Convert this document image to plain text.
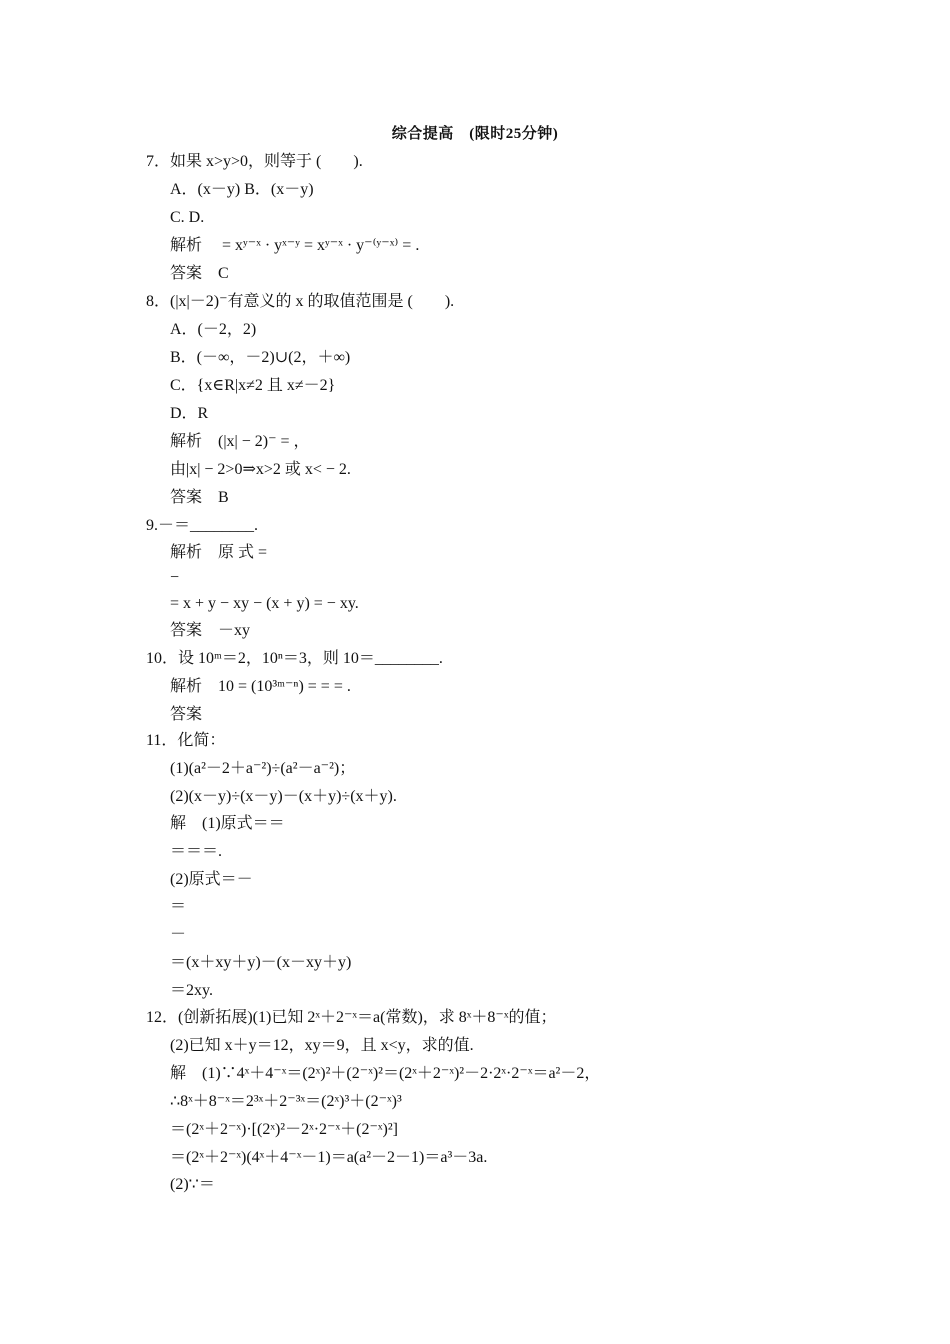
综合提高　(限时25分钟)
7．如果 x>y>0，则等于 (　　).
A．(x－y) B．(x－y)
C. D.
解析　 = xʸ⁻ˣ · yˣ⁻ʸ = xʸ⁻ˣ · y⁻⁽ʸ⁻ˣ⁾ = .
答案　C
8．(|x|－2)⁻有意义的 x 的取值范围是 (　　).
A．(－2，2)
B．(－∞，－2)∪(2，＋∞)
C．{x∈R|x≠2 且 x≠－2}
D．R
解析　(|x| − 2)⁻ = ，
由|x| − 2>0⇒x>2 或 x< − 2.
答案　B
9.－＝________.
解析　原 式 =
−
= x + y − xy − (x + y) = − xy.
答案　－xy
10．设 10ᵐ＝2，10ⁿ＝3，则 10＝________.
解析　10 = (10³ᵐ⁻ⁿ) = = = .
答案
11．化简：
(1)(a²－2＋a⁻²)÷(a²－a⁻²)；
(2)(x－y)÷(x－y)－(x＋y)÷(x＋y).
解　(1)原式＝＝
＝＝＝.
(2)原式＝－
＝
－
＝(x＋xy＋y)－(x－xy＋y)
＝2xy.
12．(创新拓展)(1)已知 2ˣ＋2⁻ˣ＝a(常数)，求 8ˣ＋8⁻ˣ的值；
(2)已知 x＋y＝12，xy＝9，且 x<y，求的值.
解　(1)∵4ˣ＋4⁻ˣ＝(2ˣ)²＋(2⁻ˣ)²＝(2ˣ＋2⁻ˣ)²－2·2ˣ·2⁻ˣ＝a²－2，
∴8ˣ＋8⁻ˣ＝2³ˣ＋2⁻³ˣ＝(2ˣ)³＋(2⁻ˣ)³
＝(2ˣ＋2⁻ˣ)·[(2ˣ)²－2ˣ·2⁻ˣ＋(2⁻ˣ)²]
＝(2ˣ＋2⁻ˣ)(4ˣ＋4⁻ˣ－1)＝a(a²－2－1)＝a³－3a.
(2)∵＝
